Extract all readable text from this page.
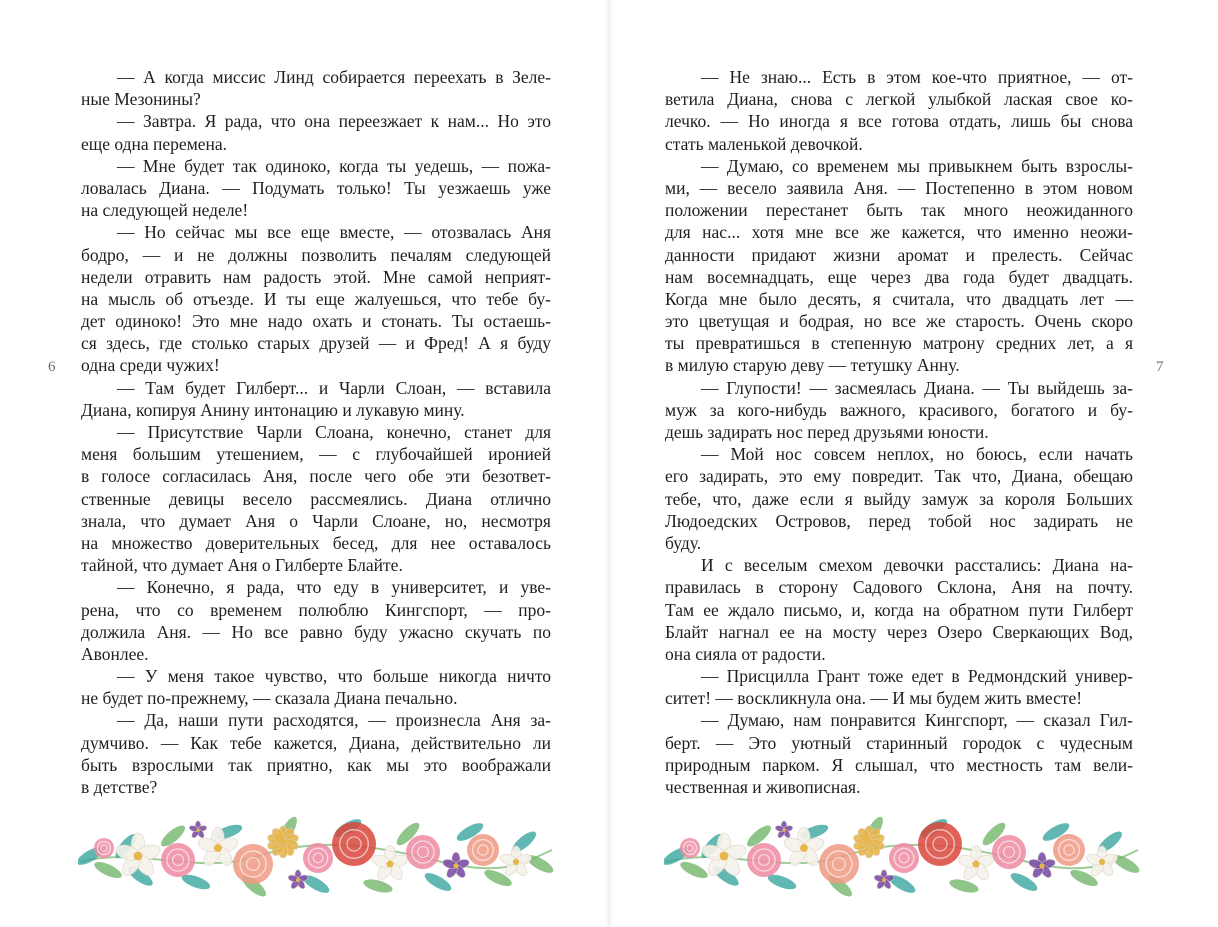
— А когда миссис Линд собирается переехать в Зеле-
ные Мезонины?
— Завтра. Я рада, что она переезжает к нам... Но это
еще одна перемена.
— Мне будет так одиноко, когда ты уедешь, — пожа-
ловалась Диана. — Подумать только! Ты уезжаешь уже
на следующей неделе!
— Но сейчас мы все еще вместе, — отозвалась Аня
бодро, — и не должны позволить печалям следующей
недели отравить нам радость этой. Мне самой неприят-
на мысль об отъезде. И ты еще жалуешься, что тебе бу-
дет одиноко! Это мне надо охать и стонать. Ты остаешь-
ся здесь, где столько старых друзей — и Фред! А я буду
одна среди чужих!
— Там будет Гилберт... и Чарли Слоан, — вставила
Диана, копируя Анину интонацию и лукавую мину.
— Присутствие Чарли Слоана, конечно, станет для
меня большим утешением, — с глубочайшей иронией
в голосе согласилась Аня, после чего обе эти безответ-
ственные девицы весело рассмеялись. Диана отлично
знала, что думает Аня о Чарли Слоане, но, несмотря
на множество доверительных бесед, для нее оставалось
тайной, что думает Аня о Гилберте Блайте.
— Конечно, я рада, что еду в университет, и уве-
рена, что со временем полюблю Кингспорт, — про-
должила Аня. — Но все равно буду ужасно скучать по
Авонлее.
— У меня такое чувство, что больше никогда ничто
не будет по-прежнему, — сказала Диана печально.
— Да, наши пути расходятся, — произнесла Аня за-
думчиво. — Как тебе кажется, Диана, действительно ли
быть взрослыми так приятно, как мы это воображали
в детстве?
6
— Не знаю... Есть в этом кое-что приятное, — от-
ветила Диана, снова с легкой улыбкой лаская свое ко-
лечко. — Но иногда я все готова отдать, лишь бы снова
стать маленькой девочкой.
— Думаю, со временем мы привыкнем быть взрослы-
ми, — весело заявила Аня. — Постепенно в этом новом
положении перестанет быть так много неожиданного
для нас... хотя мне все же кажется, что именно неожи-
данности придают жизни аромат и прелесть. Сейчас
нам восемнадцать, еще через два года будет двадцать.
Когда мне было десять, я считала, что двадцать лет —
это цветущая и бодрая, но все же старость. Очень скоро
ты превратишься в степенную матрону средних лет, а я
в милую старую деву — тетушку Анну.
— Глупости! — засмеялась Диана. — Ты выйдешь за-
муж за кого-нибудь важного, красивого, богатого и бу-
дешь задирать нос перед друзьями юности.
— Мой нос совсем неплох, но боюсь, если начать
его задирать, это ему повредит. Так что, Диана, обещаю
тебе, что, даже если я выйду замуж за короля Больших
Людоедских Островов, перед тобой нос задирать не
буду.
И с веселым смехом девочки расстались: Диана на-
правилась в сторону Садового Склона, Аня на почту.
Там ее ждало письмо, и, когда на обратном пути Гилберт
Блайт нагнал ее на мосту через Озеро Сверкающих Вод,
она сияла от радости.
— Присцилла Грант тоже едет в Редмондский универ-
ситет! — воскликнула она. — И мы будем жить вместе!
— Думаю, нам понравится Кингспорт, — сказал Гил-
берт. — Это уютный старинный городок с чудесным
природным парком. Я слышал, что местность там вели-
чественная и живописная.
7
